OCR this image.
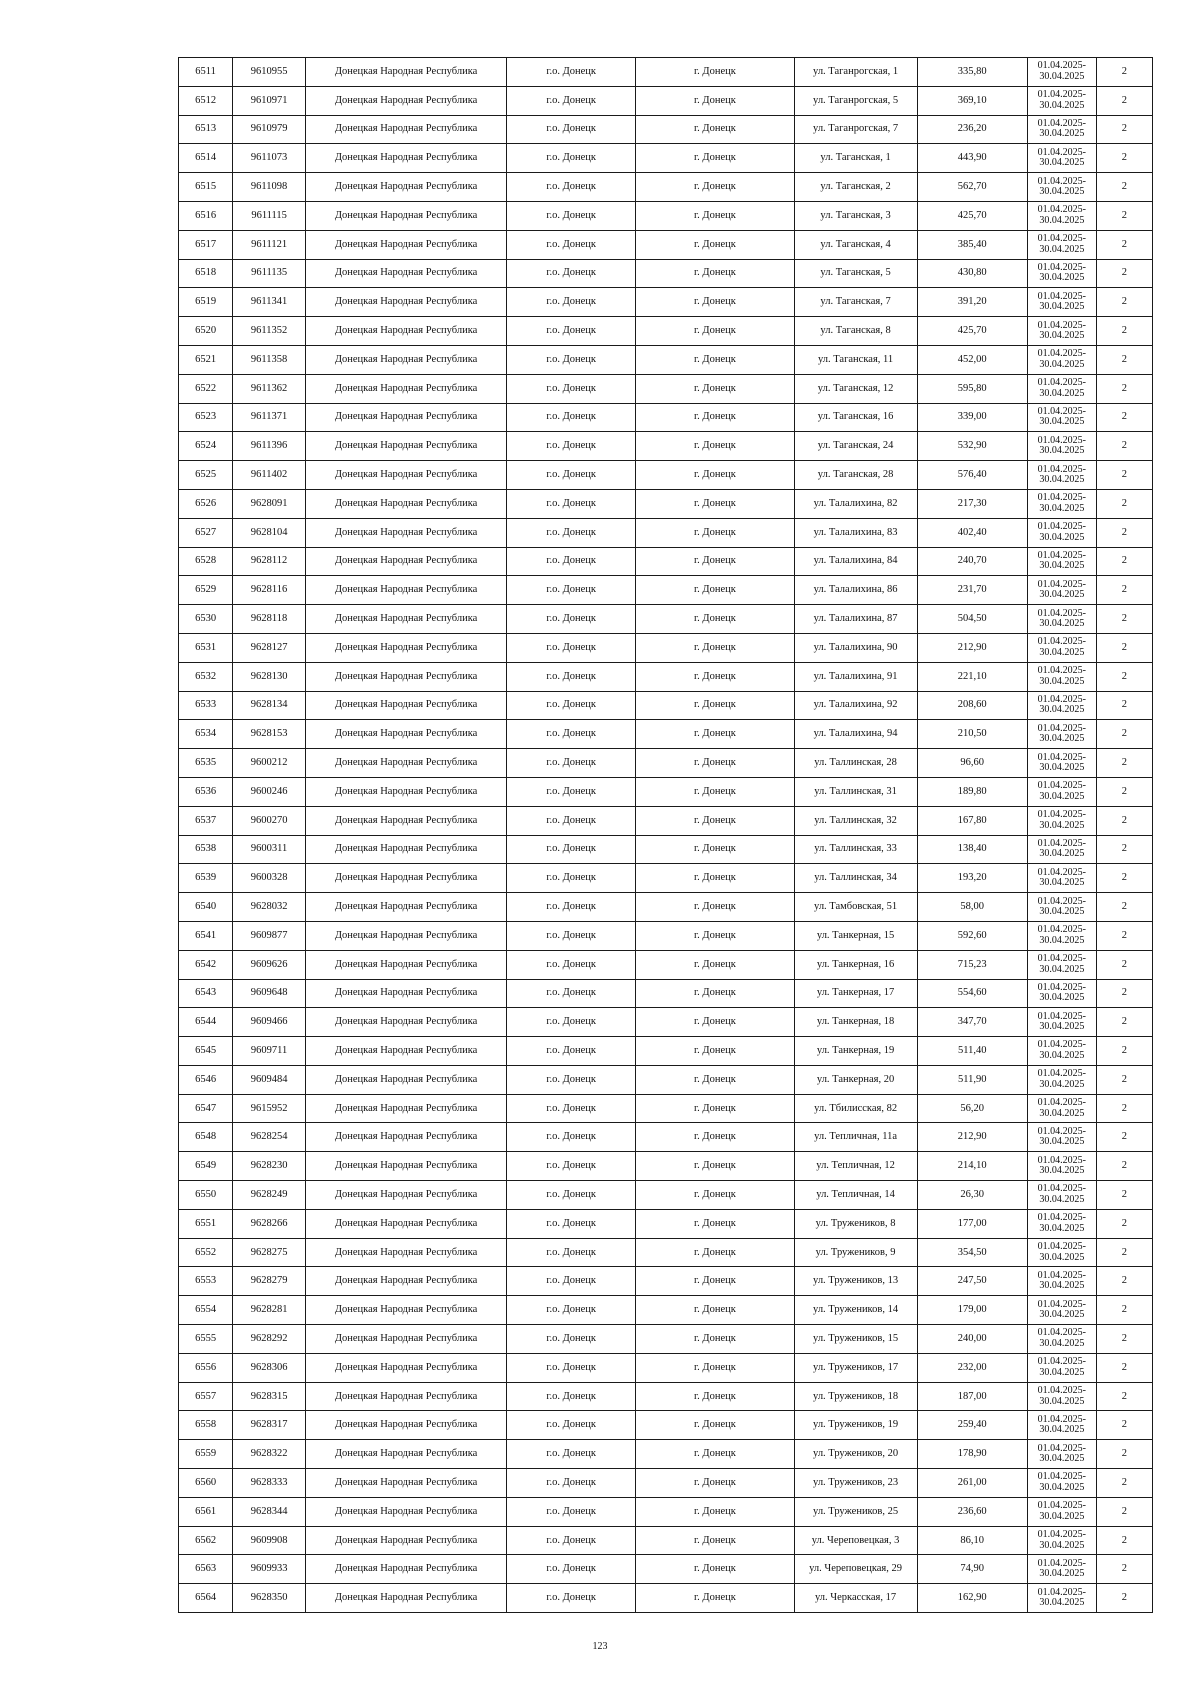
6511	9610955	Донецкая Народная Республика	г.о. Донецк	г. Донецк	ул. Таганрогская, 1	335,80	01.04.2025- 30.04.2025	2
6512	9610971	Донецкая Народная Республика	г.о. Донецк	г. Донецк	ул. Таганрогская, 5	369,10	01.04.2025- 30.04.2025	2
6513	9610979	Донецкая Народная Республика	г.о. Донецк	г. Донецк	ул. Таганрогская, 7	236,20	01.04.2025- 30.04.2025	2
6514	9611073	Донецкая Народная Республика	г.о. Донецк	г. Донецк	ул. Таганская, 1	443,90	01.04.2025- 30.04.2025	2
6515	9611098	Донецкая Народная Республика	г.о. Донецк	г. Донецк	ул. Таганская, 2	562,70	01.04.2025- 30.04.2025	2
6516	9611115	Донецкая Народная Республика	г.о. Донецк	г. Донецк	ул. Таганская, 3	425,70	01.04.2025- 30.04.2025	2
6517	9611121	Донецкая Народная Республика	г.о. Донецк	г. Донецк	ул. Таганская, 4	385,40	01.04.2025- 30.04.2025	2
6518	9611135	Донецкая Народная Республика	г.о. Донецк	г. Донецк	ул. Таганская, 5	430,80	01.04.2025- 30.04.2025	2
6519	9611341	Донецкая Народная Республика	г.о. Донецк	г. Донецк	ул. Таганская, 7	391,20	01.04.2025- 30.04.2025	2
6520	9611352	Донецкая Народная Республика	г.о. Донецк	г. Донецк	ул. Таганская, 8	425,70	01.04.2025- 30.04.2025	2
6521	9611358	Донецкая Народная Республика	г.о. Донецк	г. Донецк	ул. Таганская, 11	452,00	01.04.2025- 30.04.2025	2
6522	9611362	Донецкая Народная Республика	г.о. Донецк	г. Донецк	ул. Таганская, 12	595,80	01.04.2025- 30.04.2025	2
6523	9611371	Донецкая Народная Республика	г.о. Донецк	г. Донецк	ул. Таганская, 16	339,00	01.04.2025- 30.04.2025	2
6524	9611396	Донецкая Народная Республика	г.о. Донецк	г. Донецк	ул. Таганская, 24	532,90	01.04.2025- 30.04.2025	2
6525	9611402	Донецкая Народная Республика	г.о. Донецк	г. Донецк	ул. Таганская, 28	576,40	01.04.2025- 30.04.2025	2
6526	9628091	Донецкая Народная Республика	г.о. Донецк	г. Донецк	ул. Талалихина, 82	217,30	01.04.2025- 30.04.2025	2
6527	9628104	Донецкая Народная Республика	г.о. Донецк	г. Донецк	ул. Талалихина, 83	402,40	01.04.2025- 30.04.2025	2
6528	9628112	Донецкая Народная Республика	г.о. Донецк	г. Донецк	ул. Талалихина, 84	240,70	01.04.2025- 30.04.2025	2
6529	9628116	Донецкая Народная Республика	г.о. Донецк	г. Донецк	ул. Талалихина, 86	231,70	01.04.2025- 30.04.2025	2
6530	9628118	Донецкая Народная Республика	г.о. Донецк	г. Донецк	ул. Талалихина, 87	504,50	01.04.2025- 30.04.2025	2
6531	9628127	Донецкая Народная Республика	г.о. Донецк	г. Донецк	ул. Талалихина, 90	212,90	01.04.2025- 30.04.2025	2
6532	9628130	Донецкая Народная Республика	г.о. Донецк	г. Донецк	ул. Талалихина, 91	221,10	01.04.2025- 30.04.2025	2
6533	9628134	Донецкая Народная Республика	г.о. Донецк	г. Донецк	ул. Талалихина, 92	208,60	01.04.2025- 30.04.2025	2
6534	9628153	Донецкая Народная Республика	г.о. Донецк	г. Донецк	ул. Талалихина, 94	210,50	01.04.2025- 30.04.2025	2
6535	9600212	Донецкая Народная Республика	г.о. Донецк	г. Донецк	ул. Таллинская, 28	96,60	01.04.2025- 30.04.2025	2
6536	9600246	Донецкая Народная Республика	г.о. Донецк	г. Донецк	ул. Таллинская, 31	189,80	01.04.2025- 30.04.2025	2
6537	9600270	Донецкая Народная Республика	г.о. Донецк	г. Донецк	ул. Таллинская, 32	167,80	01.04.2025- 30.04.2025	2
6538	9600311	Донецкая Народная Республика	г.о. Донецк	г. Донецк	ул. Таллинская, 33	138,40	01.04.2025- 30.04.2025	2
6539	9600328	Донецкая Народная Республика	г.о. Донецк	г. Донецк	ул. Таллинская, 34	193,20	01.04.2025- 30.04.2025	2
6540	9628032	Донецкая Народная Республика	г.о. Донецк	г. Донецк	ул. Тамбовская, 51	58,00	01.04.2025- 30.04.2025	2
6541	9609877	Донецкая Народная Республика	г.о. Донецк	г. Донецк	ул. Танкерная, 15	592,60	01.04.2025- 30.04.2025	2
6542	9609626	Донецкая Народная Республика	г.о. Донецк	г. Донецк	ул. Танкерная, 16	715,23	01.04.2025- 30.04.2025	2
6543	9609648	Донецкая Народная Республика	г.о. Донецк	г. Донецк	ул. Танкерная, 17	554,60	01.04.2025- 30.04.2025	2
6544	9609466	Донецкая Народная Республика	г.о. Донецк	г. Донецк	ул. Танкерная, 18	347,70	01.04.2025- 30.04.2025	2
6545	9609711	Донецкая Народная Республика	г.о. Донецк	г. Донецк	ул. Танкерная, 19	511,40	01.04.2025- 30.04.2025	2
6546	9609484	Донецкая Народная Республика	г.о. Донецк	г. Донецк	ул. Танкерная, 20	511,90	01.04.2025- 30.04.2025	2
6547	9615952	Донецкая Народная Республика	г.о. Донецк	г. Донецк	ул. Тбилисская, 82	56,20	01.04.2025- 30.04.2025	2
6548	9628254	Донецкая Народная Республика	г.о. Донецк	г. Донецк	ул. Тепличная, 11а	212,90	01.04.2025- 30.04.2025	2
6549	9628230	Донецкая Народная Республика	г.о. Донецк	г. Донецк	ул. Тепличная, 12	214,10	01.04.2025- 30.04.2025	2
6550	9628249	Донецкая Народная Республика	г.о. Донецк	г. Донецк	ул. Тепличная, 14	26,30	01.04.2025- 30.04.2025	2
6551	9628266	Донецкая Народная Республика	г.о. Донецк	г. Донецк	ул. Тружеников, 8	177,00	01.04.2025- 30.04.2025	2
6552	9628275	Донецкая Народная Республика	г.о. Донецк	г. Донецк	ул. Тружеников, 9	354,50	01.04.2025- 30.04.2025	2
6553	9628279	Донецкая Народная Республика	г.о. Донецк	г. Донецк	ул. Тружеников, 13	247,50	01.04.2025- 30.04.2025	2
6554	9628281	Донецкая Народная Республика	г.о. Донецк	г. Донецк	ул. Тружеников, 14	179,00	01.04.2025- 30.04.2025	2
6555	9628292	Донецкая Народная Республика	г.о. Донецк	г. Донецк	ул. Тружеников, 15	240,00	01.04.2025- 30.04.2025	2
6556	9628306	Донецкая Народная Республика	г.о. Донецк	г. Донецк	ул. Тружеников, 17	232,00	01.04.2025- 30.04.2025	2
6557	9628315	Донецкая Народная Республика	г.о. Донецк	г. Донецк	ул. Тружеников, 18	187,00	01.04.2025- 30.04.2025	2
6558	9628317	Донецкая Народная Республика	г.о. Донецк	г. Донецк	ул. Тружеников, 19	259,40	01.04.2025- 30.04.2025	2
6559	9628322	Донецкая Народная Республика	г.о. Донецк	г. Донецк	ул. Тружеников, 20	178,90	01.04.2025- 30.04.2025	2
6560	9628333	Донецкая Народная Республика	г.о. Донецк	г. Донецк	ул. Тружеников, 23	261,00	01.04.2025- 30.04.2025	2
6561	9628344	Донецкая Народная Республика	г.о. Донецк	г. Донецк	ул. Тружеников, 25	236,60	01.04.2025- 30.04.2025	2
6562	9609908	Донецкая Народная Республика	г.о. Донецк	г. Донецк	ул. Череповецкая, 3	86,10	01.04.2025- 30.04.2025	2
6563	9609933	Донецкая Народная Республика	г.о. Донецк	г. Донецк	ул. Череповецкая, 29	74,90	01.04.2025- 30.04.2025	2
6564	9628350	Донецкая Народная Республика	г.о. Донецк	г. Донецк	ул. Черкасская, 17	162,90	01.04.2025- 30.04.2025	2
123
